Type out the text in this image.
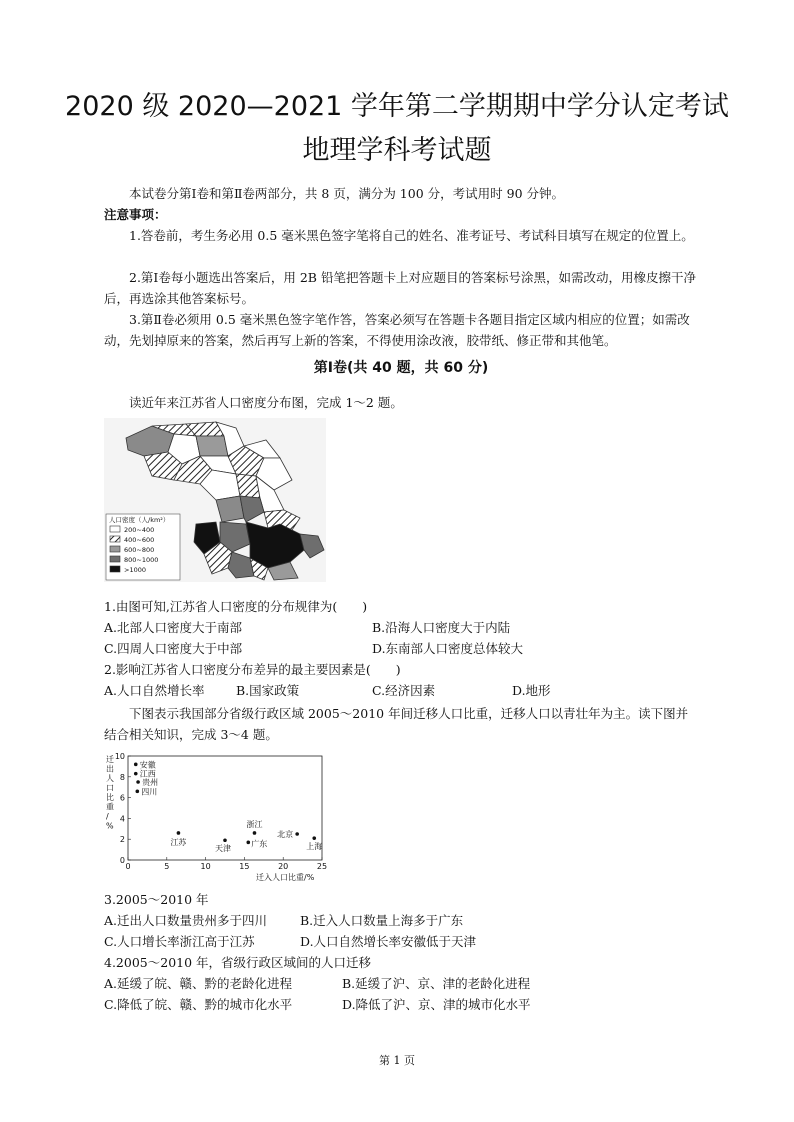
2020 级 2020—2021 学年第二学期期中学分认定考试
地理学科考试题

本试卷分第Ⅰ卷和第Ⅱ卷两部分，共 8 页，满分为 100 分，考试用时 90 分钟。

注意事项：

1.答卷前，考生务必用 0.5 毫米黑色签字笔将自己的姓名、准考证号、考试科目填写在规定的位置上。

2.第Ⅰ卷每小题选出答案后，用 2B 铅笔把答题卡上对应题目的答案标号涂黑，如需改动，用橡皮擦干净后，再选涂其他答案标号。

3.第Ⅱ卷必须用 0.5 毫米黑色签字笔作答，答案必须写在答题卡各题目指定区域内相应的位置；如需改动，先划掉原来的答案，然后再写上新的答案，不得使用涂改液，胶带纸、修正带和其他笔。

第Ⅰ卷(共 40 题，共 60 分)

读近年来江苏省人口密度分布图，完成 1～2 题。

人口密度（人/km²）
200~400
400~600
600~800
800~1000
>1000
1.由图可知,江苏省人口密度的分布规律为(　　)
A.北部人口密度大于南部	B.沿海人口密度大于内陆
C.四周人口密度大于中部	D.东南部人口密度总体较大
2.影响江苏省人口密度分布差异的最主要因素是(　　)
A.人口自然增长率	B.国家政策	C.经济因素	D.地形

下图表示我国部分省级行政区域 2005～2010 年间迁移人口比重，迁移人口以青壮年为主。读下图并结合相关知识，完成 3～4 题。

0	5	10	15	20	25
0
2
4
6
8
10
安徽
江西
贵州
四川
江苏
浙江
天津
广东
北京
上海
迁出人口比重/ %
迁入人口比重/%
3.2005～2010 年
A.迁出人口数量贵州多于四川	B.迁入人口数量上海多于广东
C.人口增长率浙江高于江苏	D.人口自然增长率安徽低于天津
4.2005～2010 年，省级行政区域间的人口迁移
A.延缓了皖、赣、黔的老龄化进程	B.延缓了沪、京、津的老龄化进程
C.降低了皖、赣、黔的城市化水平	D.降低了沪、京、津的城市化水平
第 1 页
